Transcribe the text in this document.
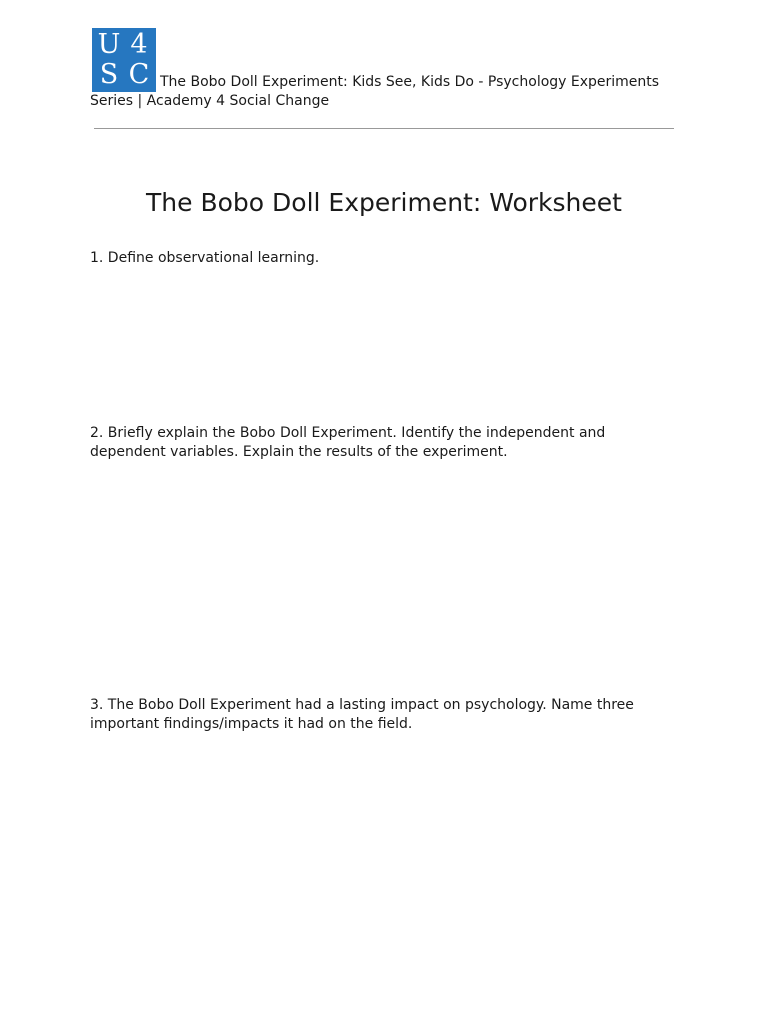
U 4
S C The Bobo Doll Experiment: Kids See, Kids Do - Psychology Experiments Series | Academy 4 Social Change
The Bobo Doll Experiment: Worksheet

1. Define observational learning.

2. Briefly explain the Bobo Doll Experiment. Identify the independent and dependent variables. Explain the results of the experiment.

3. The Bobo Doll Experiment had a lasting impact on psychology. Name three important findings/impacts it had on the field.
